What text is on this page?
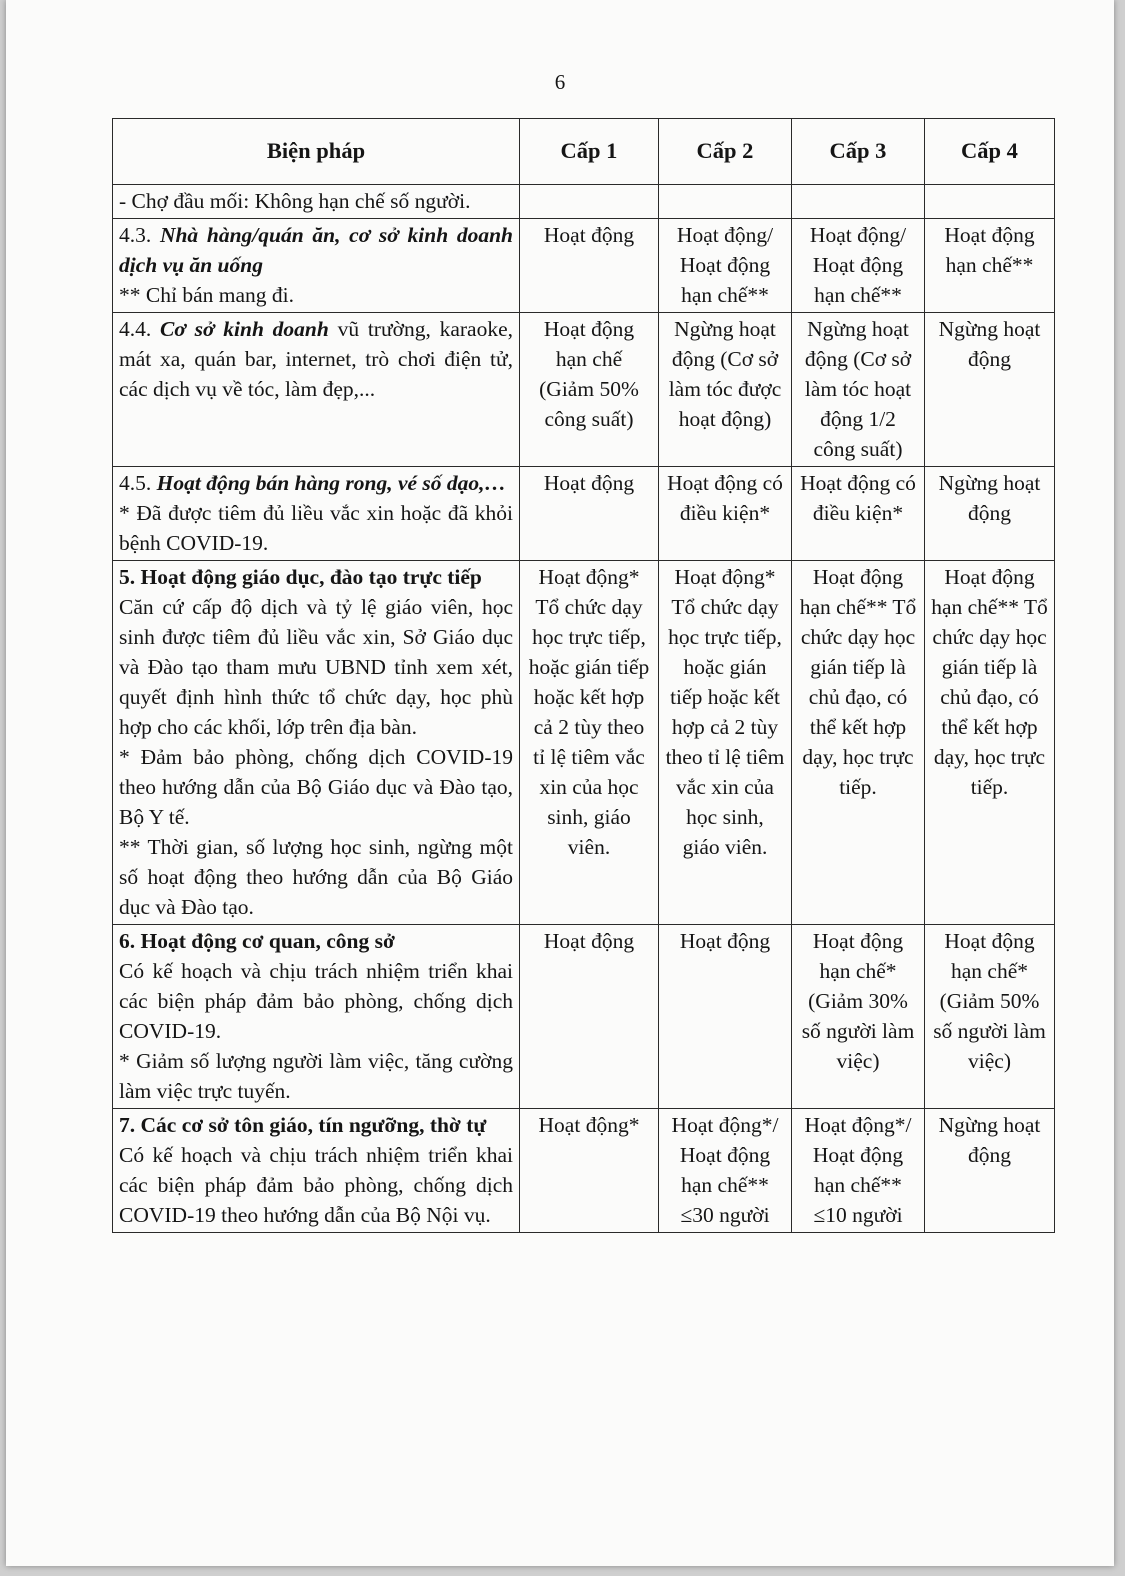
6
Biện pháp	Cấp 1	Cấp 2	Cấp 3	Cấp 4

- Chợ đầu mối: Không hạn chế số người.				

4.3. Nhà hàng/quán ăn, cơ sở kinh doanh dịch vụ ăn uống
** Chỉ bán mang đi.	Hoạt động	Hoạt động/ Hoạt động hạn chế**	Hoạt động/ Hoạt động hạn chế**	Hoạt động hạn chế**

4.4. Cơ sở kinh doanh vũ trường, karaoke, mát xa, quán bar, internet, trò chơi điện tử, các dịch vụ về tóc, làm đẹp,...	Hoạt động hạn chế (Giảm 50% công suất)	Ngừng hoạt động (Cơ sở làm tóc được hoạt động)	Ngừng hoạt động (Cơ sở làm tóc hoạt động 1/2 công suất)	Ngừng hoạt động

4.5. Hoạt động bán hàng rong, vé số dạo,…
* Đã được tiêm đủ liều vắc xin hoặc đã khỏi bệnh COVID-19.	Hoạt động	Hoạt động có điều kiện*	Hoạt động có điều kiện*	Ngừng hoạt động

5. Hoạt động giáo dục, đào tạo trực tiếp
Căn cứ cấp độ dịch và tỷ lệ giáo viên, học sinh được tiêm đủ liều vắc xin, Sở Giáo dục và Đào tạo tham mưu UBND tỉnh xem xét, quyết định hình thức tổ chức dạy, học phù hợp cho các khối, lớp trên địa bàn.
* Đảm bảo phòng, chống dịch COVID-19 theo hướng dẫn của Bộ Giáo dục và Đào tạo, Bộ Y tế.
** Thời gian, số lượng học sinh, ngừng một số hoạt động theo hướng dẫn của Bộ Giáo dục và Đào tạo.	Hoạt động* Tổ chức dạy học trực tiếp, hoặc gián tiếp hoặc kết hợp cả 2 tùy theo tỉ lệ tiêm vắc xin của học sinh, giáo viên.	Hoạt động* Tổ chức dạy học trực tiếp, hoặc gián tiếp hoặc kết hợp cả 2 tùy theo tỉ lệ tiêm vắc xin của học sinh, giáo viên.	Hoạt động hạn chế** Tổ chức dạy học gián tiếp là chủ đạo, có thể kết hợp dạy, học trực tiếp.	Hoạt động hạn chế** Tổ chức dạy học gián tiếp là chủ đạo, có thể kết hợp dạy, học trực tiếp.

6. Hoạt động cơ quan, công sở
Có kế hoạch và chịu trách nhiệm triển khai các biện pháp đảm bảo phòng, chống dịch COVID-19.
* Giảm số lượng người làm việc, tăng cường làm việc trực tuyến.	Hoạt động	Hoạt động	Hoạt động hạn chế* (Giảm 30% số người làm việc)	Hoạt động hạn chế* (Giảm 50% số người làm việc)

7. Các cơ sở tôn giáo, tín ngưỡng, thờ tự
Có kế hoạch và chịu trách nhiệm triển khai các biện pháp đảm bảo phòng, chống dịch COVID-19 theo hướng dẫn của Bộ Nội vụ.	Hoạt động*	Hoạt động*/ Hoạt động hạn chế** ≤30 người	Hoạt động*/ Hoạt động hạn chế** ≤10 người	Ngừng hoạt động
